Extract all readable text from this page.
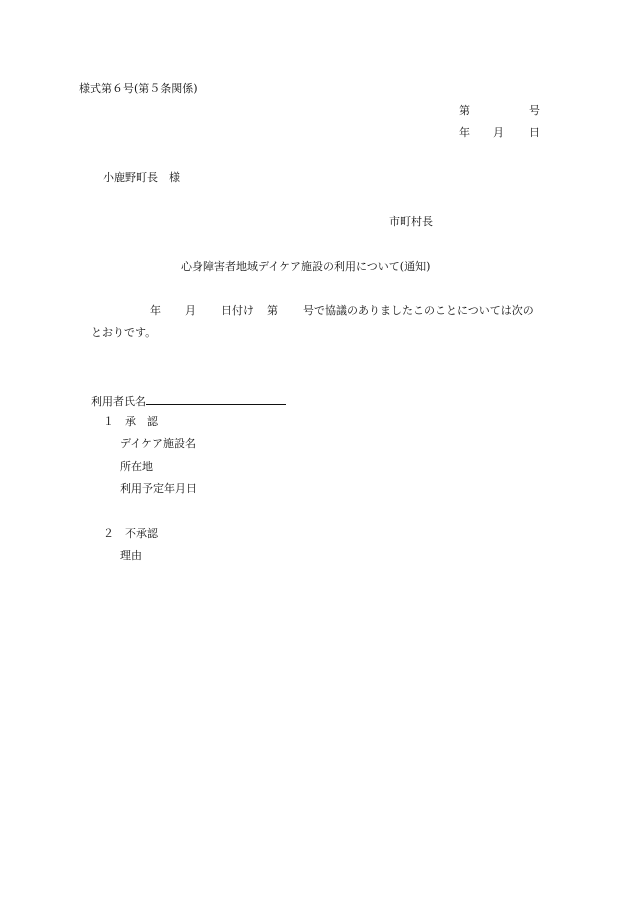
様式第６号(第５条関係)
第	号
年 月 日
小鹿野町長　様
市町村長
心身障害者地域デイケア施設の利用について(通知)
年 月 日付け 第 号で協議のありましたこのことについては次の
とおりです。
利用者氏名
１　承　認
デイケア施設名
所在地
利用予定年月日
２　不承認
理由
